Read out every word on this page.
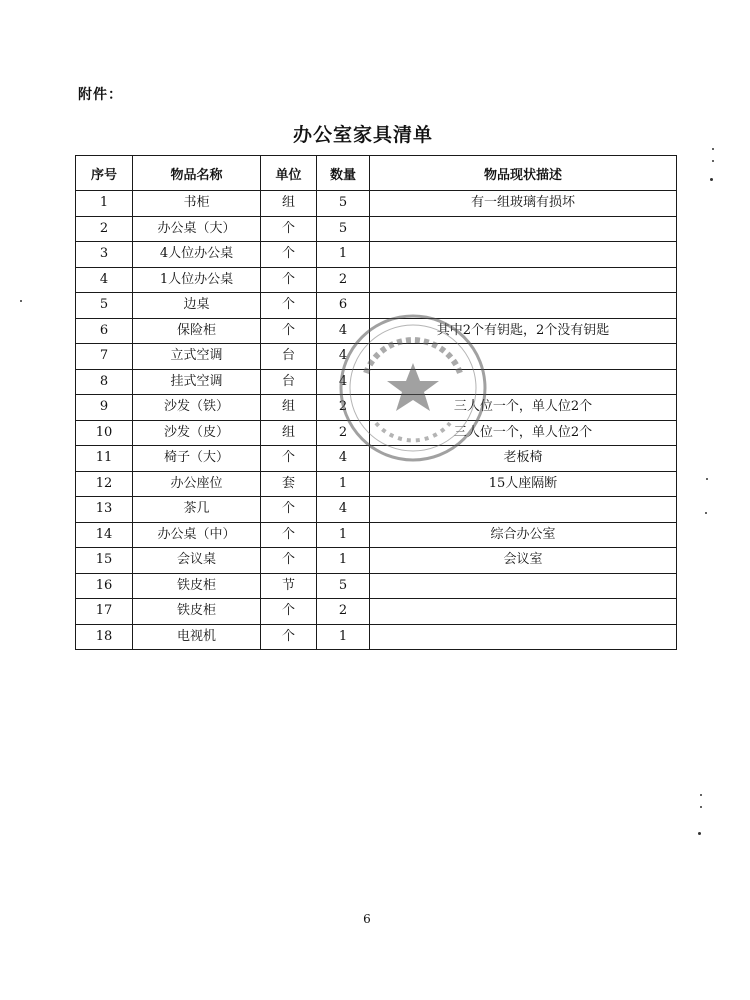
附件：
办公室家具清单
序号	物品名称	单位	数量	物品现状描述
1	书柜	组	5	有一组玻璃有损坏
2	办公桌（大）	个	5	
3	4人位办公桌	个	1	
4	1人位办公桌	个	2	
5	边桌	个	6	
6	保险柜	个	4	其中2个有钥匙，2个没有钥匙
7	立式空调	台	4	
8	挂式空调	台	4	
9	沙发（铁）	组	2	三人位一个，单人位2个
10	沙发（皮）	组	2	三人位一个，单人位2个
11	椅子（大）	个	4	老板椅
12	办公座位	套	1	15人座隔断
13	茶几	个	4	
14	办公桌（中）	个	1	综合办公室
15	会议桌	个	1	会议室
16	铁皮柜	节	5	
17	铁皮柜	个	2	
18	电视机	个	1	
6
